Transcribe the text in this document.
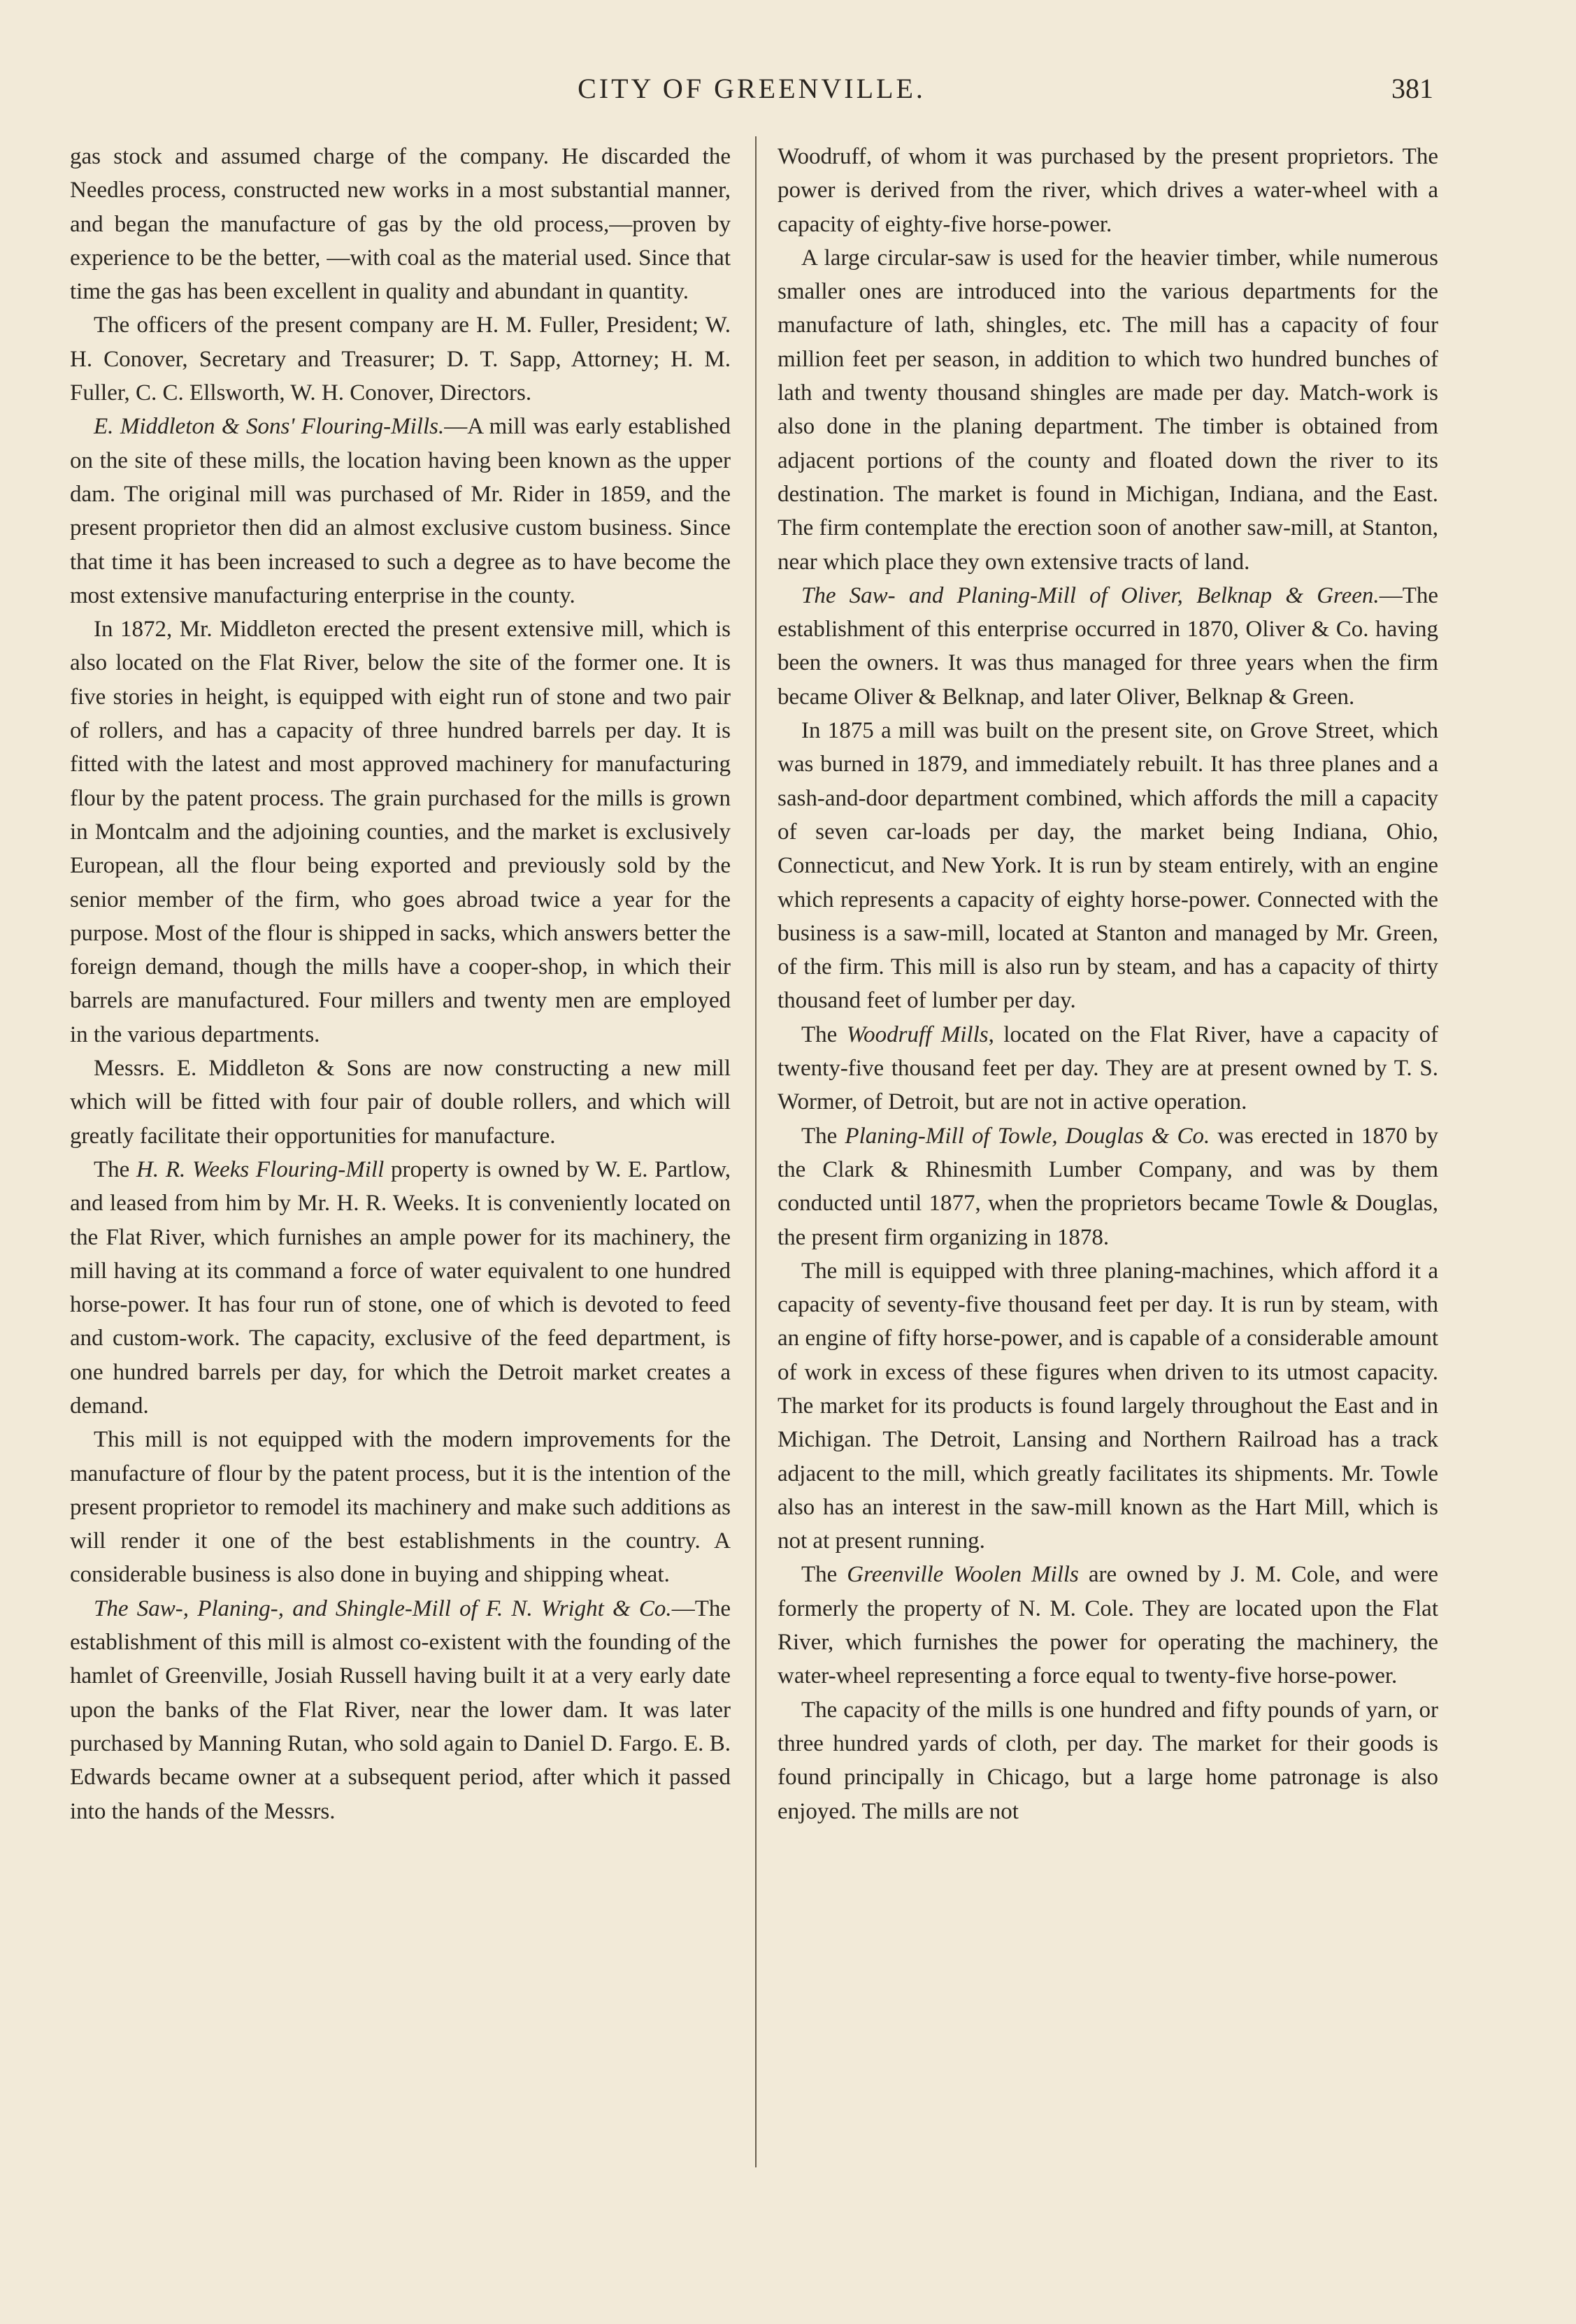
CITY OF GREENVILLE.	381

gas stock and assumed charge of the company. He discarded the Needles process, constructed new works in a most substantial manner, and began the manufacture of gas by the old process,—proven by experience to be the better, —with coal as the material used. Since that time the gas has been excellent in quality and abundant in quantity.

The officers of the present company are H. M. Fuller, President; W. H. Conover, Secretary and Treasurer; D. T. Sapp, Attorney; H. M. Fuller, C. C. Ellsworth, W. H. Conover, Directors.

E. Middleton & Sons' Flouring-Mills.—A mill was early established on the site of these mills, the location having been known as the upper dam. The original mill was purchased of Mr. Rider in 1859, and the present proprietor then did an almost exclusive custom business. Since that time it has been increased to such a degree as to have become the most extensive manufacturing enterprise in the county.

In 1872, Mr. Middleton erected the present extensive mill, which is also located on the Flat River, below the site of the former one. It is five stories in height, is equipped with eight run of stone and two pair of rollers, and has a capacity of three hundred barrels per day. It is fitted with the latest and most approved machinery for manufacturing flour by the patent process. The grain purchased for the mills is grown in Montcalm and the adjoining counties, and the market is exclusively European, all the flour being exported and previously sold by the senior member of the firm, who goes abroad twice a year for the purpose. Most of the flour is shipped in sacks, which answers better the foreign demand, though the mills have a cooper-shop, in which their barrels are manufactured. Four millers and twenty men are employed in the various departments.

Messrs. E. Middleton & Sons are now constructing a new mill which will be fitted with four pair of double rollers, and which will greatly facilitate their opportunities for manufacture.

The H. R. Weeks Flouring-Mill property is owned by W. E. Partlow, and leased from him by Mr. H. R. Weeks. It is conveniently located on the Flat River, which furnishes an ample power for its machinery, the mill having at its command a force of water equivalent to one hundred horse-power. It has four run of stone, one of which is devoted to feed and custom-work. The capacity, exclusive of the feed department, is one hundred barrels per day, for which the Detroit market creates a demand.

This mill is not equipped with the modern improvements for the manufacture of flour by the patent process, but it is the intention of the present proprietor to remodel its machinery and make such additions as will render it one of the best establishments in the country. A considerable business is also done in buying and shipping wheat.

The Saw-, Planing-, and Shingle-Mill of F. N. Wright & Co.—The establishment of this mill is almost co-existent with the founding of the hamlet of Greenville, Josiah Russell having built it at a very early date upon the banks of the Flat River, near the lower dam. It was later purchased by Manning Rutan, who sold again to Daniel D. Fargo. E. B. Edwards became owner at a subsequent period, after which it passed into the hands of the Messrs.

Woodruff, of whom it was purchased by the present proprietors. The power is derived from the river, which drives a water-wheel with a capacity of eighty-five horse-power.

A large circular-saw is used for the heavier timber, while numerous smaller ones are introduced into the various departments for the manufacture of lath, shingles, etc. The mill has a capacity of four million feet per season, in addition to which two hundred bunches of lath and twenty thousand shingles are made per day. Match-work is also done in the planing department. The timber is obtained from adjacent portions of the county and floated down the river to its destination. The market is found in Michigan, Indiana, and the East. The firm contemplate the erection soon of another saw-mill, at Stanton, near which place they own extensive tracts of land.

The Saw- and Planing-Mill of Oliver, Belknap & Green.—The establishment of this enterprise occurred in 1870, Oliver & Co. having been the owners. It was thus managed for three years when the firm became Oliver & Belknap, and later Oliver, Belknap & Green.

In 1875 a mill was built on the present site, on Grove Street, which was burned in 1879, and immediately rebuilt. It has three planes and a sash-and-door department combined, which affords the mill a capacity of seven car-loads per day, the market being Indiana, Ohio, Connecticut, and New York. It is run by steam entirely, with an engine which represents a capacity of eighty horse-power. Connected with the business is a saw-mill, located at Stanton and managed by Mr. Green, of the firm. This mill is also run by steam, and has a capacity of thirty thousand feet of lumber per day.

The Woodruff Mills, located on the Flat River, have a capacity of twenty-five thousand feet per day. They are at present owned by T. S. Wormer, of Detroit, but are not in active operation.

The Planing-Mill of Towle, Douglas & Co. was erected in 1870 by the Clark & Rhinesmith Lumber Company, and was by them conducted until 1877, when the proprietors became Towle & Douglas, the present firm organizing in 1878.

The mill is equipped with three planing-machines, which afford it a capacity of seventy-five thousand feet per day. It is run by steam, with an engine of fifty horse-power, and is capable of a considerable amount of work in excess of these figures when driven to its utmost capacity. The market for its products is found largely throughout the East and in Michigan. The Detroit, Lansing and Northern Railroad has a track adjacent to the mill, which greatly facilitates its shipments. Mr. Towle also has an interest in the saw-mill known as the Hart Mill, which is not at present running.

The Greenville Woolen Mills are owned by J. M. Cole, and were formerly the property of N. M. Cole. They are located upon the Flat River, which furnishes the power for operating the machinery, the water-wheel representing a force equal to twenty-five horse-power.

The capacity of the mills is one hundred and fifty pounds of yarn, or three hundred yards of cloth, per day. The market for their goods is found principally in Chicago, but a large home patronage is also enjoyed. The mills are not
